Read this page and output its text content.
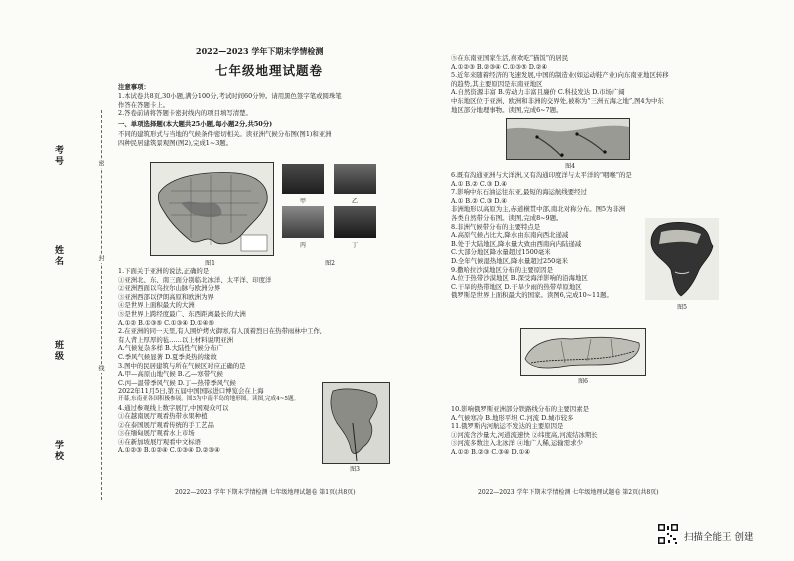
学校
班级
姓名
考号	密
封
线
2022—2023 学年下期末学情检测
七年级地理试题卷
注意事项：
1.本试卷共8页,30小题,满分100分,考试时间60分钟。请用黑色签字笔或圆珠笔
作答在答题卡上。
2.答卷前请将答题卡密封线内的项目填写清楚。
一、单项选择题(本大题共25小题,每小题2分,共50分)
不同的建筑形式与当地的气候条件密切相关。读亚洲气候分布图(图1)和亚洲
四种民居建筑景观图(图2),完成1~3题。
图1
甲	乙
丙	丁
图2
1.下面关于亚洲的说法,正确的是
①亚洲北、东、南三面分别临北冰洋、太平洋、印度洋
②亚洲西面以乌拉尔山脉与欧洲分界
③亚洲西部以伊朗高原和欧洲为界
④是世界上面积最大的大洲
⑤是世界上跨经度最广、东西距离最长的大洲
A.①② B.①③⑤ C.①③④ D.①④⑤
2.在亚洲的同一天里,有人围炉烤火御寒,有人顶着烈日在热带雨林中工作,
有人背上厚厚的毡……以上材料说明亚洲
A.气候复杂多样 B.大陆性气候分布广
C.季风气候显著 D.夏季炎热的缘故
3.图中的民居建筑与所在气候区对应正确的是
A.甲—高原山地气候 B.乙—寒带气候
C.丙—温带季风气候 D.丁—热带季风气候
2022年11月5日,第五届中国国际进口博览会在上海
开幕,东南亚各国积极参展。图3为中南半岛的地形图。读图,完成4~5题。
4.通过参观线上数字展厅,中国观众可以
①在越南展厅观看热带水果种植
②在泰国展厅观看传统的手工艺品
③在缅甸展厅观看水上市场
④在新加坡展厅观看中文标语
A.①②③ B.①②④ C.①③④ D.②③④
图3
2022—2023 学年下期末学情检测 七年级地理试题卷 第1页(共8页)
⑤在东南亚国家生活,喜欢吃“猫饭”的居民
A.①②③ B.②③④ C.①③⑤ D.②④
5.近年来随着经济的飞速发展,中国的制造业(如运动鞋产业)向东南亚地区转移
的趋势,其主要原因是东南亚地区
A.自然资源丰富 B.劳动力丰富且廉价 C.科技发达 D.市场广阔
中东地区位于亚洲、欧洲和非洲的交界处,被称为“三洲五海之地”,图4为中东
地区部分地理事物。读图,完成6~7题。
图4
6.既有沟通亚洲与大洋洲,又有沟通印度洋与太平洋的“咽喉”的是
A.① B.② C.③ D.④
7.影响中东石油运往东亚,最短的海运航线要经过
A.① B.② C.③ D.④
非洲地形以高原为主,赤道横贯中部,南北对称分布。图5为非洲
各类自然带分布图。读图,完成8~9题。
8.非洲气候带分布的主要特点是
A.高原气候占比大,降水由东南向西北递减
B.处于大陆地区,降水量大致由西南向内陆递减
C.大部分地区降水量超过1500毫米
D.全年气候湿热地区,降水量超过250毫米
9.撒哈拉沙漠地区分布的主要原因是
A.位于热带沙漠地区 B.深受海洋影响的沿海地区
C.干旱的热带地区 D.干旱少雨的热带草原地区
俄罗斯是世界上面积最大的国家。读图6,完成10~11题。
图5
图6
10.影响俄罗斯亚洲部分铁路线分布的主要因素是
A.气候寒冷 B.地形平坦 C.河流 D.城市较多
11.俄罗斯内河航运不发达的主要原因是
①河流含沙量大,河道流速快 ②纬度高,河流结冰期长
③河流多数注入北冰洋 ④地广人稀,运输需求少
A.①② B.②③ C.③④ D.①④
2022—2023 学年下期末学情检测 七年级地理试题卷 第2页(共8页)
扫描全能王 创建
